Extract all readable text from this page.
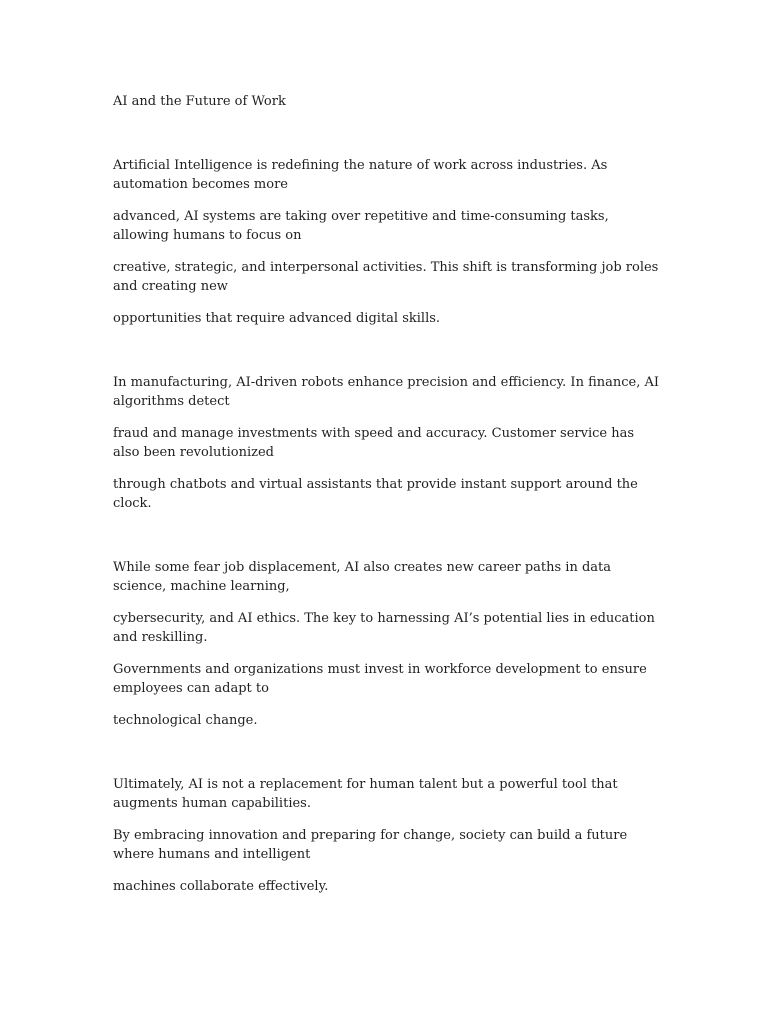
AI and the Future of Work

Artificial Intelligence is redefining the nature of work across industries. As automation becomes more

advanced, AI systems are taking over repetitive and time-consuming tasks, allowing humans to focus on

creative, strategic, and interpersonal activities. This shift is transforming job roles and creating new

opportunities that require advanced digital skills.

In manufacturing, AI-driven robots enhance precision and efficiency. In finance, AI algorithms detect

fraud and manage investments with speed and accuracy. Customer service has also been revolutionized

through chatbots and virtual assistants that provide instant support around the clock.

While some fear job displacement, AI also creates new career paths in data science, machine learning,

cybersecurity, and AI ethics. The key to harnessing AI’s potential lies in education and reskilling.

Governments and organizations must invest in workforce development to ensure employees can adapt to

technological change.

Ultimately, AI is not a replacement for human talent but a powerful tool that augments human capabilities.

By embracing innovation and preparing for change, society can build a future where humans and intelligent

machines collaborate effectively.
